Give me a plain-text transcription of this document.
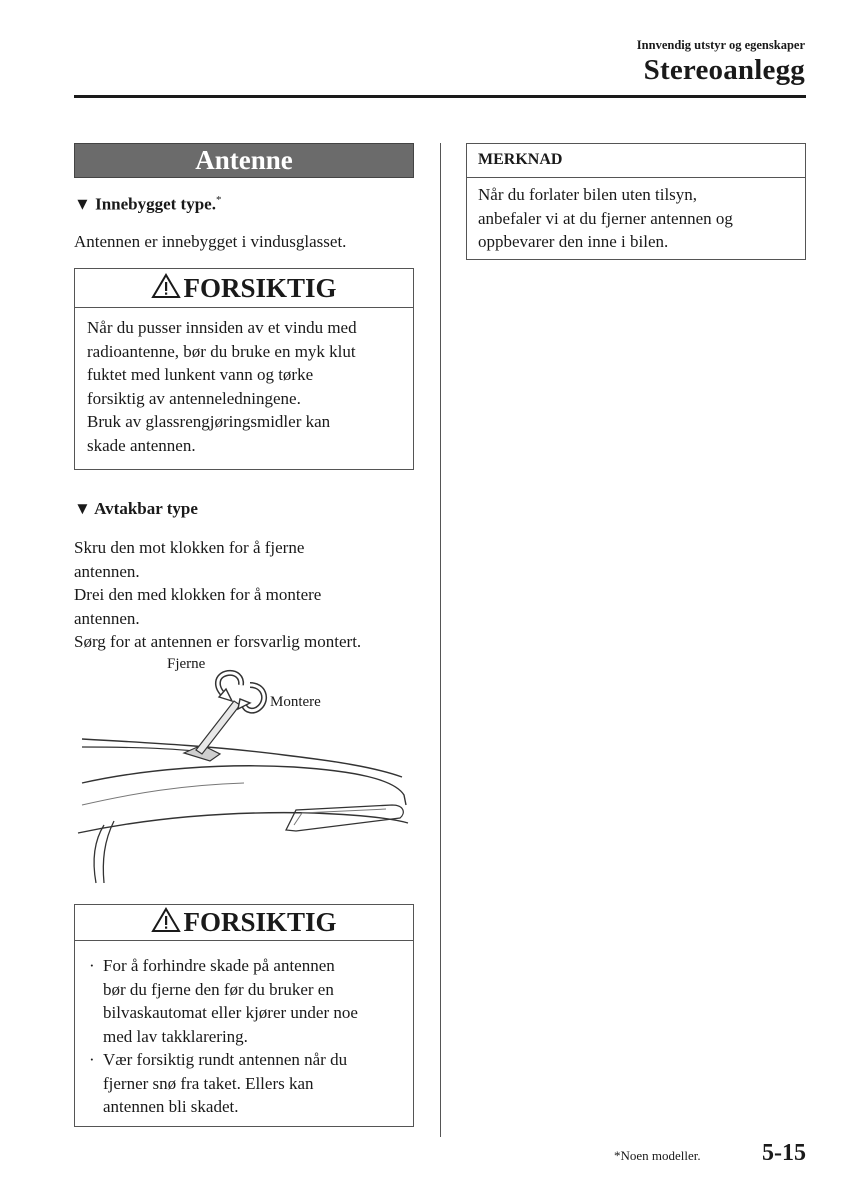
Innvendig utstyr og egenskaper
Stereoanlegg
Antenne
▼ Innebygget type.*
Antennen er innebygget i vindusglasset.
FORSIKTIG
Når du pusser innsiden av et vindu med
radioantenne, bør du bruke en myk klut
fuktet med lunkent vann og tørke
forsiktig av antenneledningene.
Bruk av glassrengjøringsmidler kan
skade antennen.
▼ Avtakbar type
Skru den mot klokken for å fjerne
antennen.
Drei den med klokken for å montere
antennen.
Sørg for at antennen er forsvarlig montert.
Fjerne
Montere
FORSIKTIG
· For å forhindre skade på antennen
bør du fjerne den før du bruker en
bilvaskautomat eller kjører under noe
med lav takklarering.
· Vær forsiktig rundt antennen når du
fjerner snø fra taket. Ellers kan
antennen bli skadet.
MERKNAD
Når du forlater bilen uten tilsyn,
anbefaler vi at du fjerner antennen og
oppbevarer den inne i bilen.
*Noen modeller.	5-15
